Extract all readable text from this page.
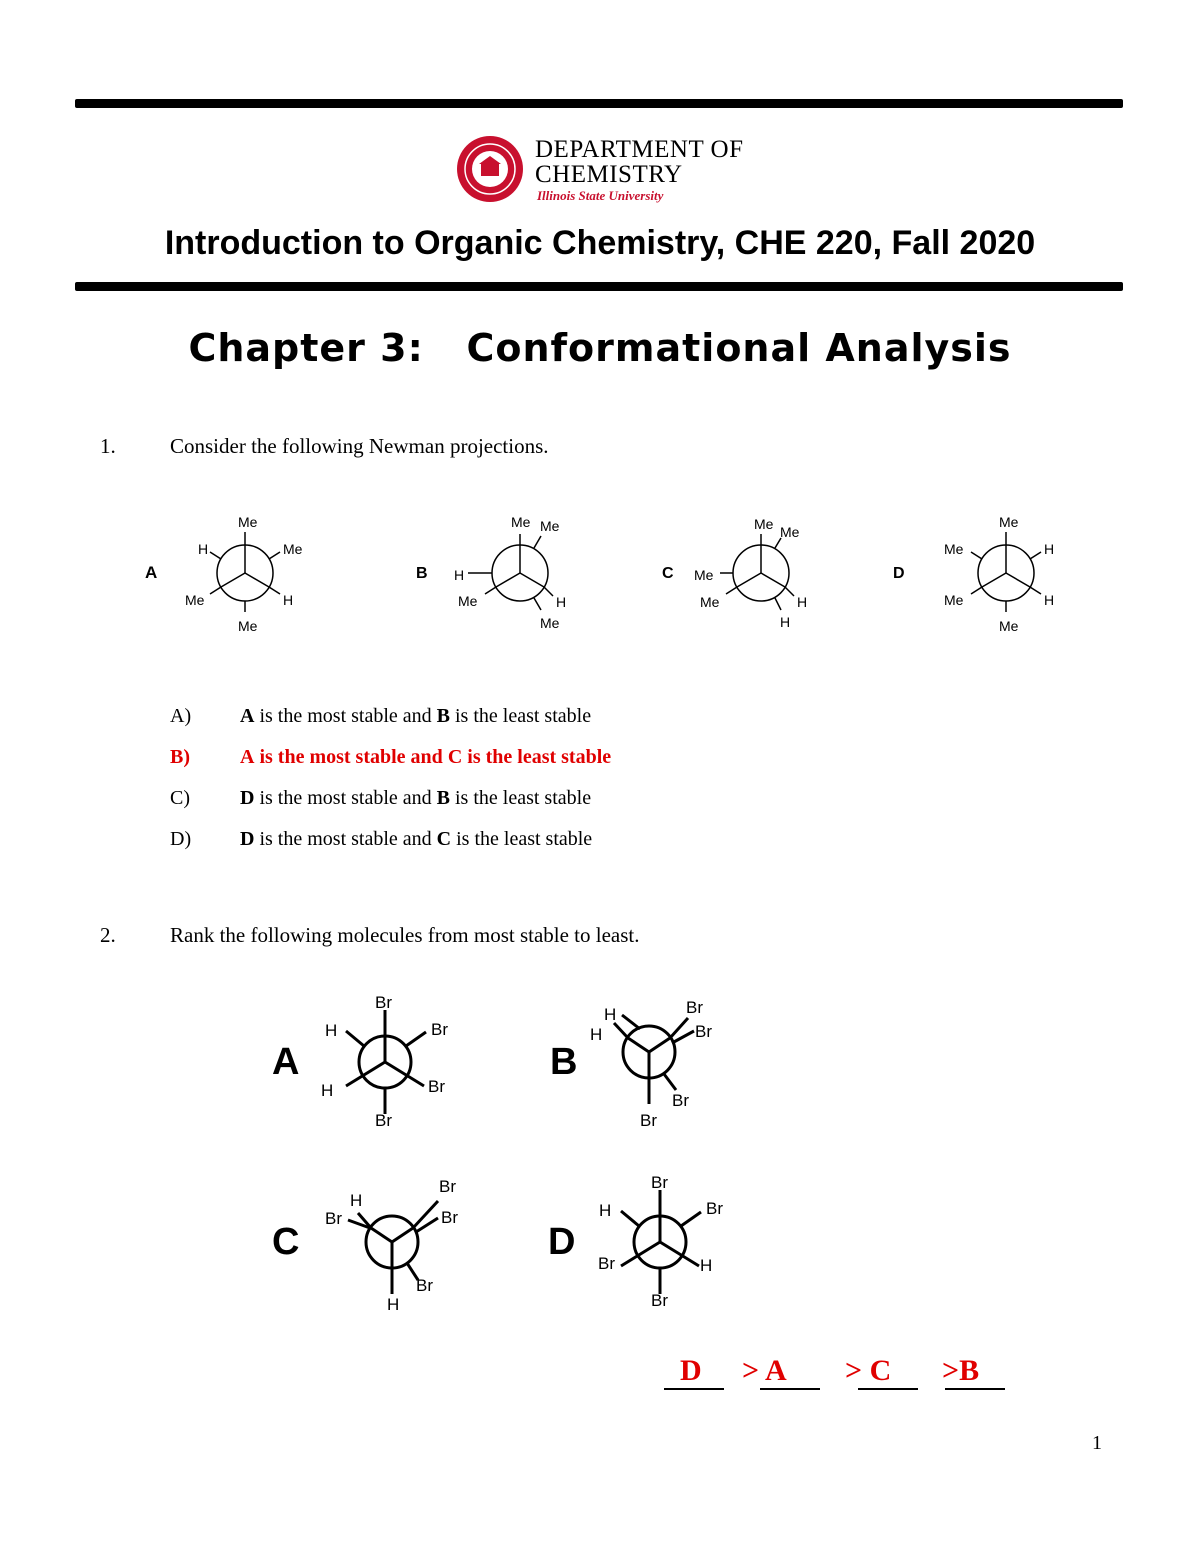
DEPARTMENT OF
CHEMISTRY
Illinois State University
Introduction to Organic Chemistry, CHE 220, Fall 2020
Chapter 3:   Conformational Analysis
1.	Consider the following Newman projections.
A
Me
H	Me
Me	H
Me
B
Me Me
H
Me	H
Me
C
Me Me
Me
Me	H
H
D
Me
Me	H
Me	H
Me
A) A is the most stable and B is the least stable
B)	A is the most stable and C is the least stable
C)	D is the most stable and B is the least stable
D) D is the most stable and C is the least stable
2.	Rank the following molecules from most stable to least.
A
Br
H	Br
H	Br
Br
B
H
H
Br
Br
Br
Br
C
H
Br
Br
Br
H
Br
D
Br
H	Br
Br	H
Br
D > A > C >B
1
